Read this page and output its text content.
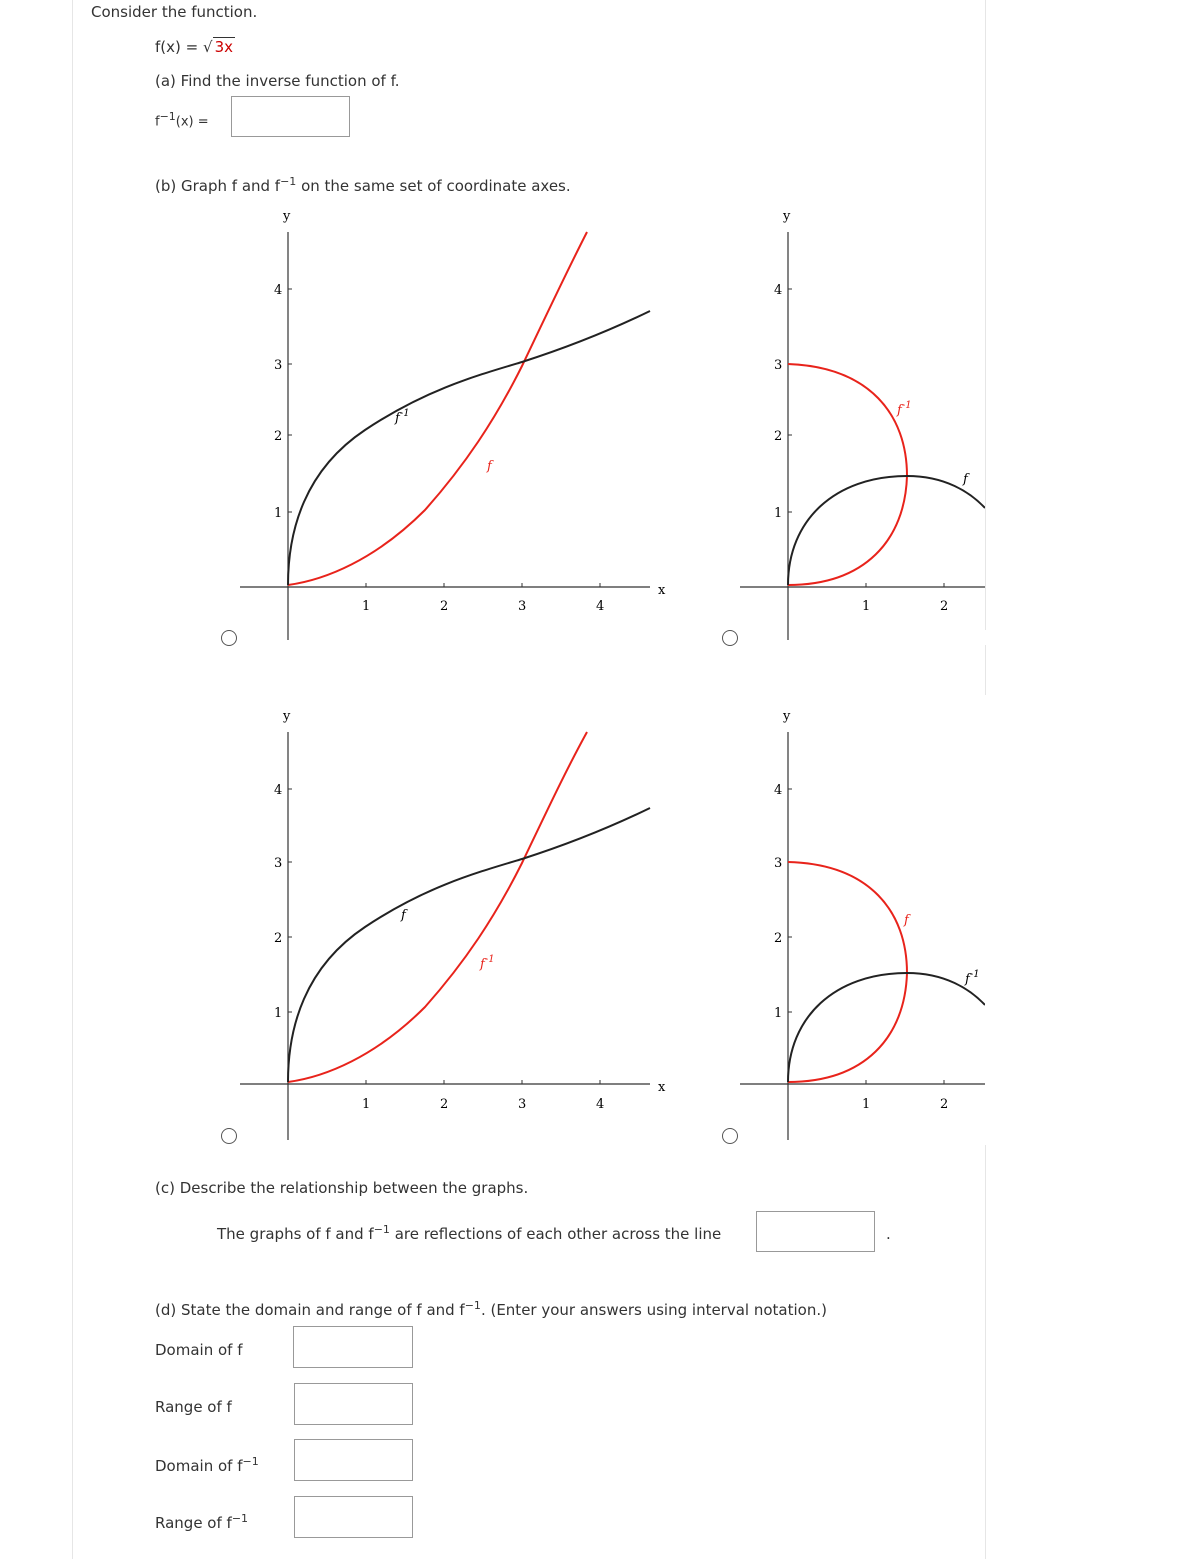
Consider the function.
f(x) = √ 3x
(a) Find the inverse function of f.
$f^{-1}(x)$ =
(b) Graph f and $f^{-1}$ on the same set of coordinate axes.
y
x
1	2	3	4
1
2
3
4
f
$f^{-1}$
y
1	2
1
2
3
4
$f^{-1}$
f
y
x
1	2	3	4
1
2
3
4
$f^{-1}$
f
y
1	2
1
2
3
4
f
$f^{-1}$
(c) Describe the relationship between the graphs.
The graphs of f and $f^{-1}$ are reflections of each other across the line	.
(d) State the domain and range of f and $f^{-1}$. (Enter your answers using interval notation.)
Domain of f
Range of f
Domain of $f^{-1}$
Range of $f^{-1}$
